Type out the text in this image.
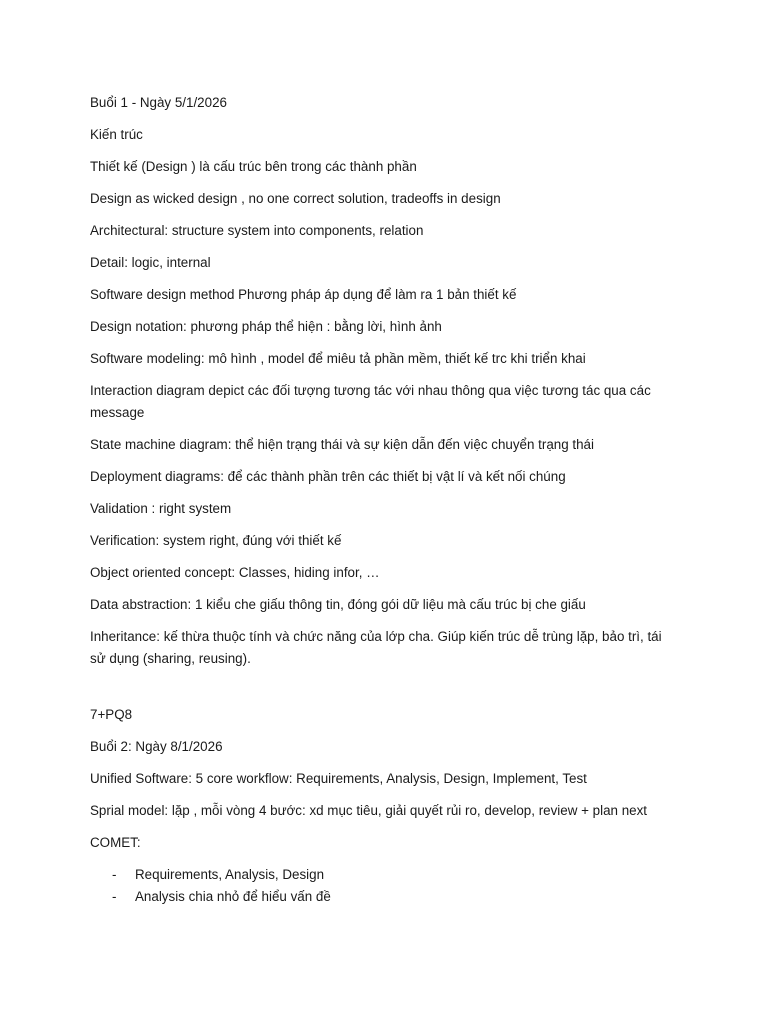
Buổi 1 - Ngày 5/1/2026

Kiến trúc

Thiết kế (Design ) là cấu trúc bên trong các thành phần

Design as wicked design , no one correct solution, tradeoffs in design

Architectural: structure system into components, relation

Detail: logic, internal

Software design method Phương pháp áp dụng để làm ra 1 bản thiết kế

Design notation: phương pháp thể hiện : bằng lời, hình ảnh

Software modeling: mô hình , model để miêu tả phần mềm, thiết kế trc khi triển khai

Interaction diagram depict các đối tượng tương tác với nhau thông qua việc tương tác qua các message

State machine diagram: thể hiện trạng thái và sự kiện dẫn đến việc chuyển trạng thái

Deployment diagrams: để các thành phần trên các thiết bị vật lí và kết nối chúng

Validation : right system

Verification: system right, đúng với thiết kế

Object oriented concept: Classes, hiding infor, …

Data abstraction: 1 kiểu che giấu thông tin, đóng gói dữ liệu mà cấu trúc bị che giấu

Inheritance: kế thừa thuộc tính và chức năng của lớp cha. Giúp kiến trúc dễ trùng lặp, bảo trì, tái sử dụng (sharing, reusing).

7+PQ8

Buổi 2: Ngày 8/1/2026

Unified Software: 5 core workflow: Requirements, Analysis, Design, Implement, Test

Sprial model: lặp , mỗi vòng 4 bước: xd mục tiêu, giải quyết rủi ro, develop, review + plan next

COMET:

- Requirements, Analysis, Design
- Analysis chia nhỏ để hiểu vấn đề
